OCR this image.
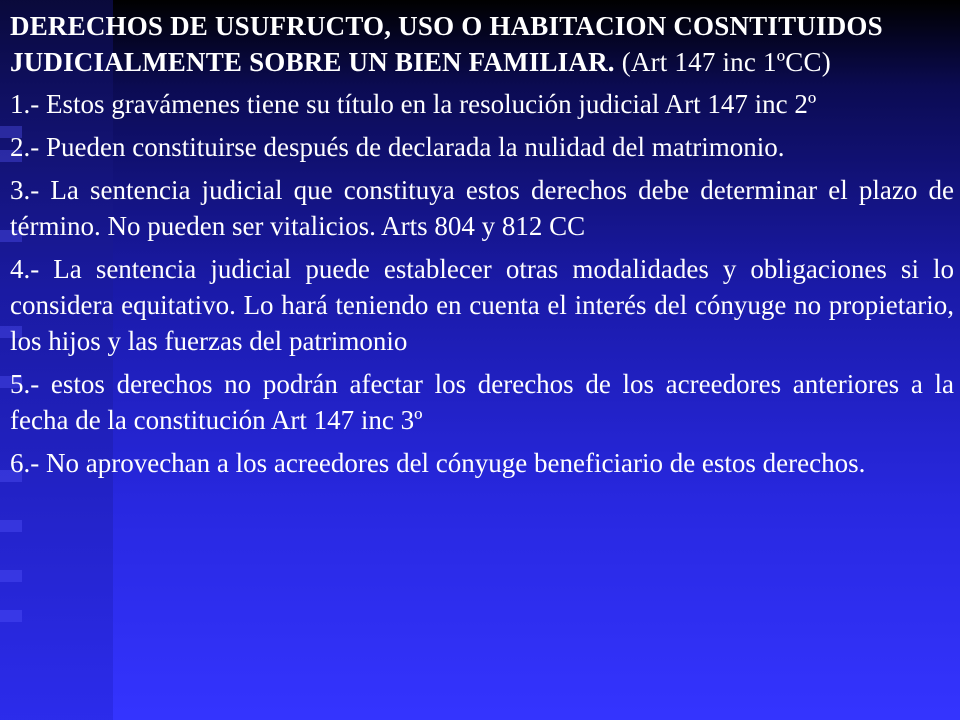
DERECHOS DE USUFRUCTO, USO O HABITACION COSNTITUIDOS JUDICIALMENTE SOBRE UN BIEN FAMILIAR. (Art 147 inc 1ºCC)
1.- Estos gravámenes tiene su título en la resolución judicial Art 147 inc 2º
2.- Pueden constituirse después de declarada la nulidad del matrimonio.
3.- La sentencia judicial que constituya estos derechos debe determinar el plazo de término. No pueden ser vitalicios. Arts 804 y 812 CC
4.- La sentencia judicial puede establecer otras modalidades y obligaciones si lo considera equitativo. Lo hará teniendo en cuenta el interés del cónyuge no propietario, los hijos y las fuerzas del patrimonio
5.- estos derechos no podrán afectar los derechos de los acreedores anteriores a la fecha de la constitución Art 147 inc 3º
6.- No aprovechan a los acreedores del cónyuge beneficiario de estos derechos.
